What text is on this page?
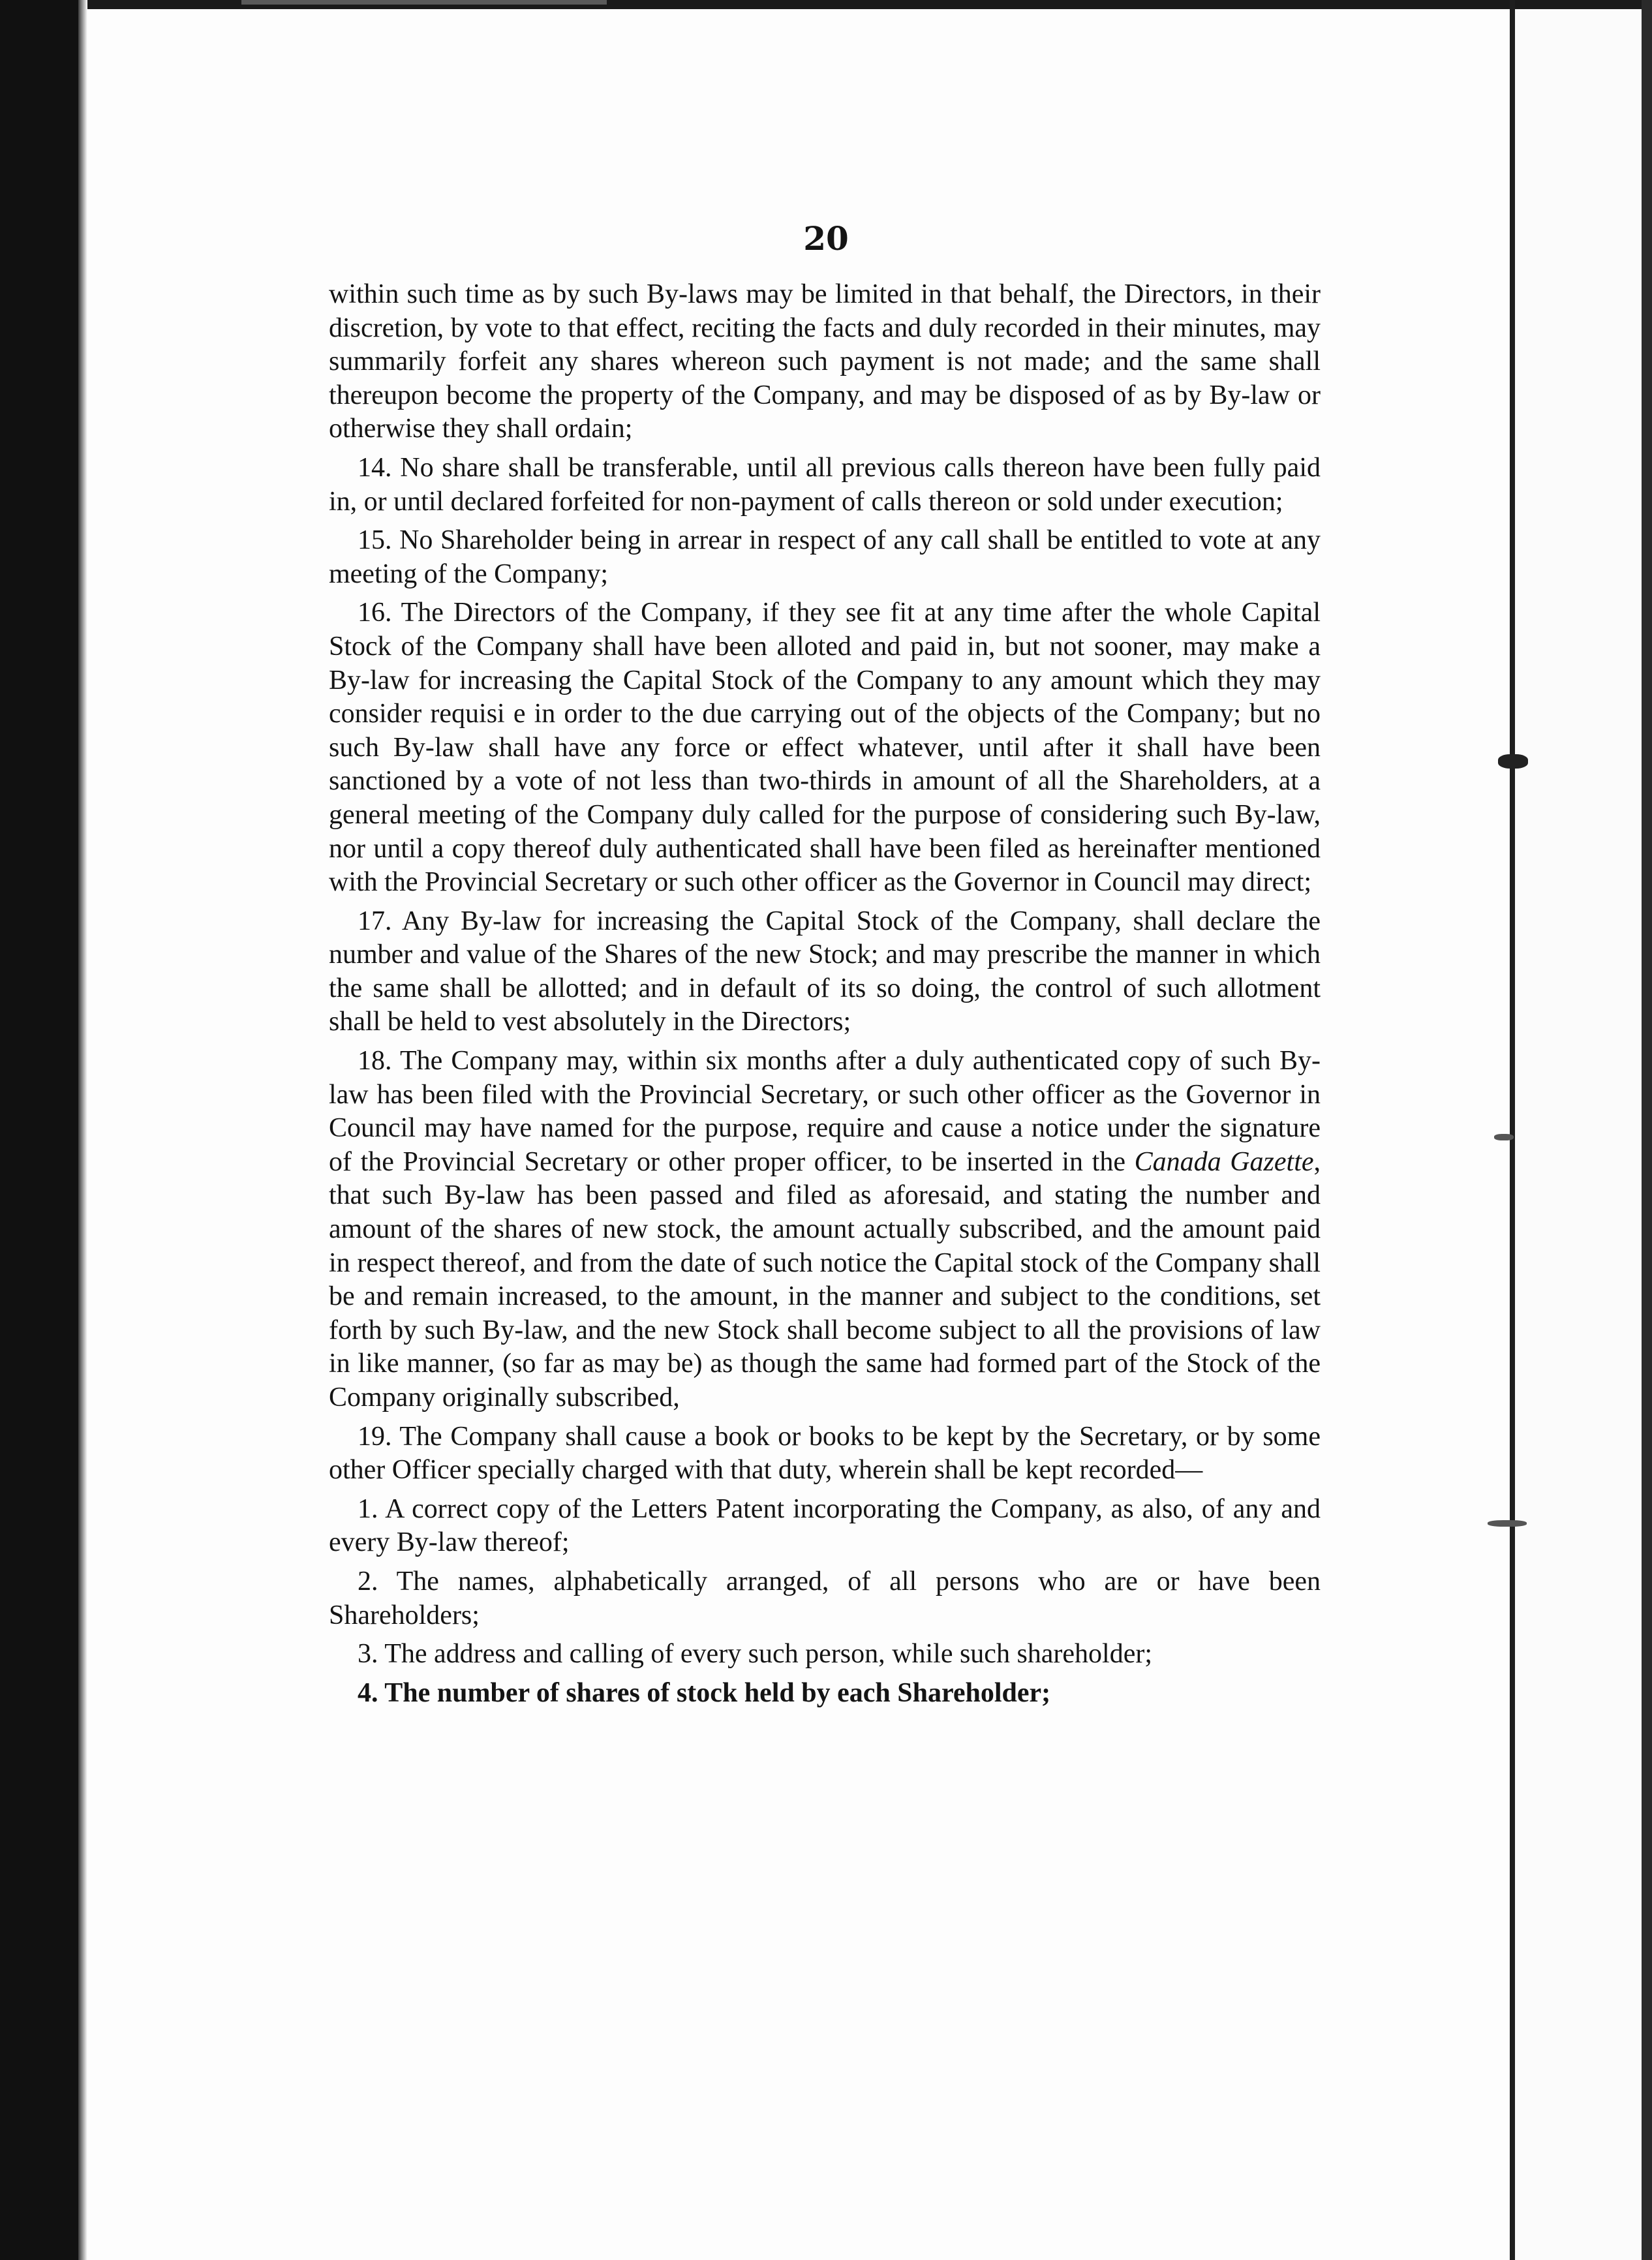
20

within such time as by such By-laws may be limited in that behalf, the Directors, in their discretion, by vote to that effect, reciting the facts and duly recorded in their minutes, may summarily forfeit any shares whereon such payment is not made; and the same shall thereupon become the property of the Company, and may be disposed of as by By-law or otherwise they shall ordain;

14. No share shall be transferable, until all previous calls thereon have been fully paid in, or until declared forfeited for non-payment of calls thereon or sold under execution;

15. No Shareholder being in arrear in respect of any call shall be entitled to vote at any meeting of the Company;

16. The Directors of the Company, if they see fit at any time after the whole Capital Stock of the Company shall have been alloted and paid in, but not sooner, may make a By-law for increasing the Capital Stock of the Company to any amount which they may consider requisi e in order to the due carrying out of the objects of the Company; but no such By-law shall have any force or effect whatever, until after it shall have been sanctioned by a vote of not less than two-thirds in amount of all the Shareholders, at a general meeting of the Company duly called for the purpose of considering such By-law, nor until a copy thereof duly authenticated shall have been filed as hereinafter mentioned with the Provincial Secretary or such other officer as the Governor in Council may direct;

17. Any By-law for increasing the Capital Stock of the Company, shall declare the number and value of the Shares of the new Stock; and may prescribe the manner in which the same shall be allotted; and in default of its so doing, the control of such allotment shall be held to vest absolutely in the Directors;

18. The Company may, within six months after a duly authenticated copy of such By-law has been filed with the Provincial Secretary, or such other officer as the Governor in Council may have named for the purpose, require and cause a notice under the signature of the Provincial Secretary or other proper officer, to be inserted in the Canada Gazette, that such By-law has been passed and filed as aforesaid, and stating the number and amount of the shares of new stock, the amount actually subscribed, and the amount paid in respect thereof, and from the date of such notice the Capital stock of the Company shall be and remain increased, to the amount, in the manner and subject to the conditions, set forth by such By-law, and the new Stock shall become subject to all the provisions of law in like manner, (so far as may be) as though the same had formed part of the Stock of the Company originally subscribed,

19. The Company shall cause a book or books to be kept by the Secretary, or by some other Officer specially charged with that duty, wherein shall be kept recorded—

1. A correct copy of the Letters Patent incorporating the Company, as also, of any and every By-law thereof;

2. The names, alphabetically arranged, of all persons who are or have been Shareholders;

3. The address and calling of every such person, while such shareholder;

4. The number of shares of stock held by each Shareholder;
